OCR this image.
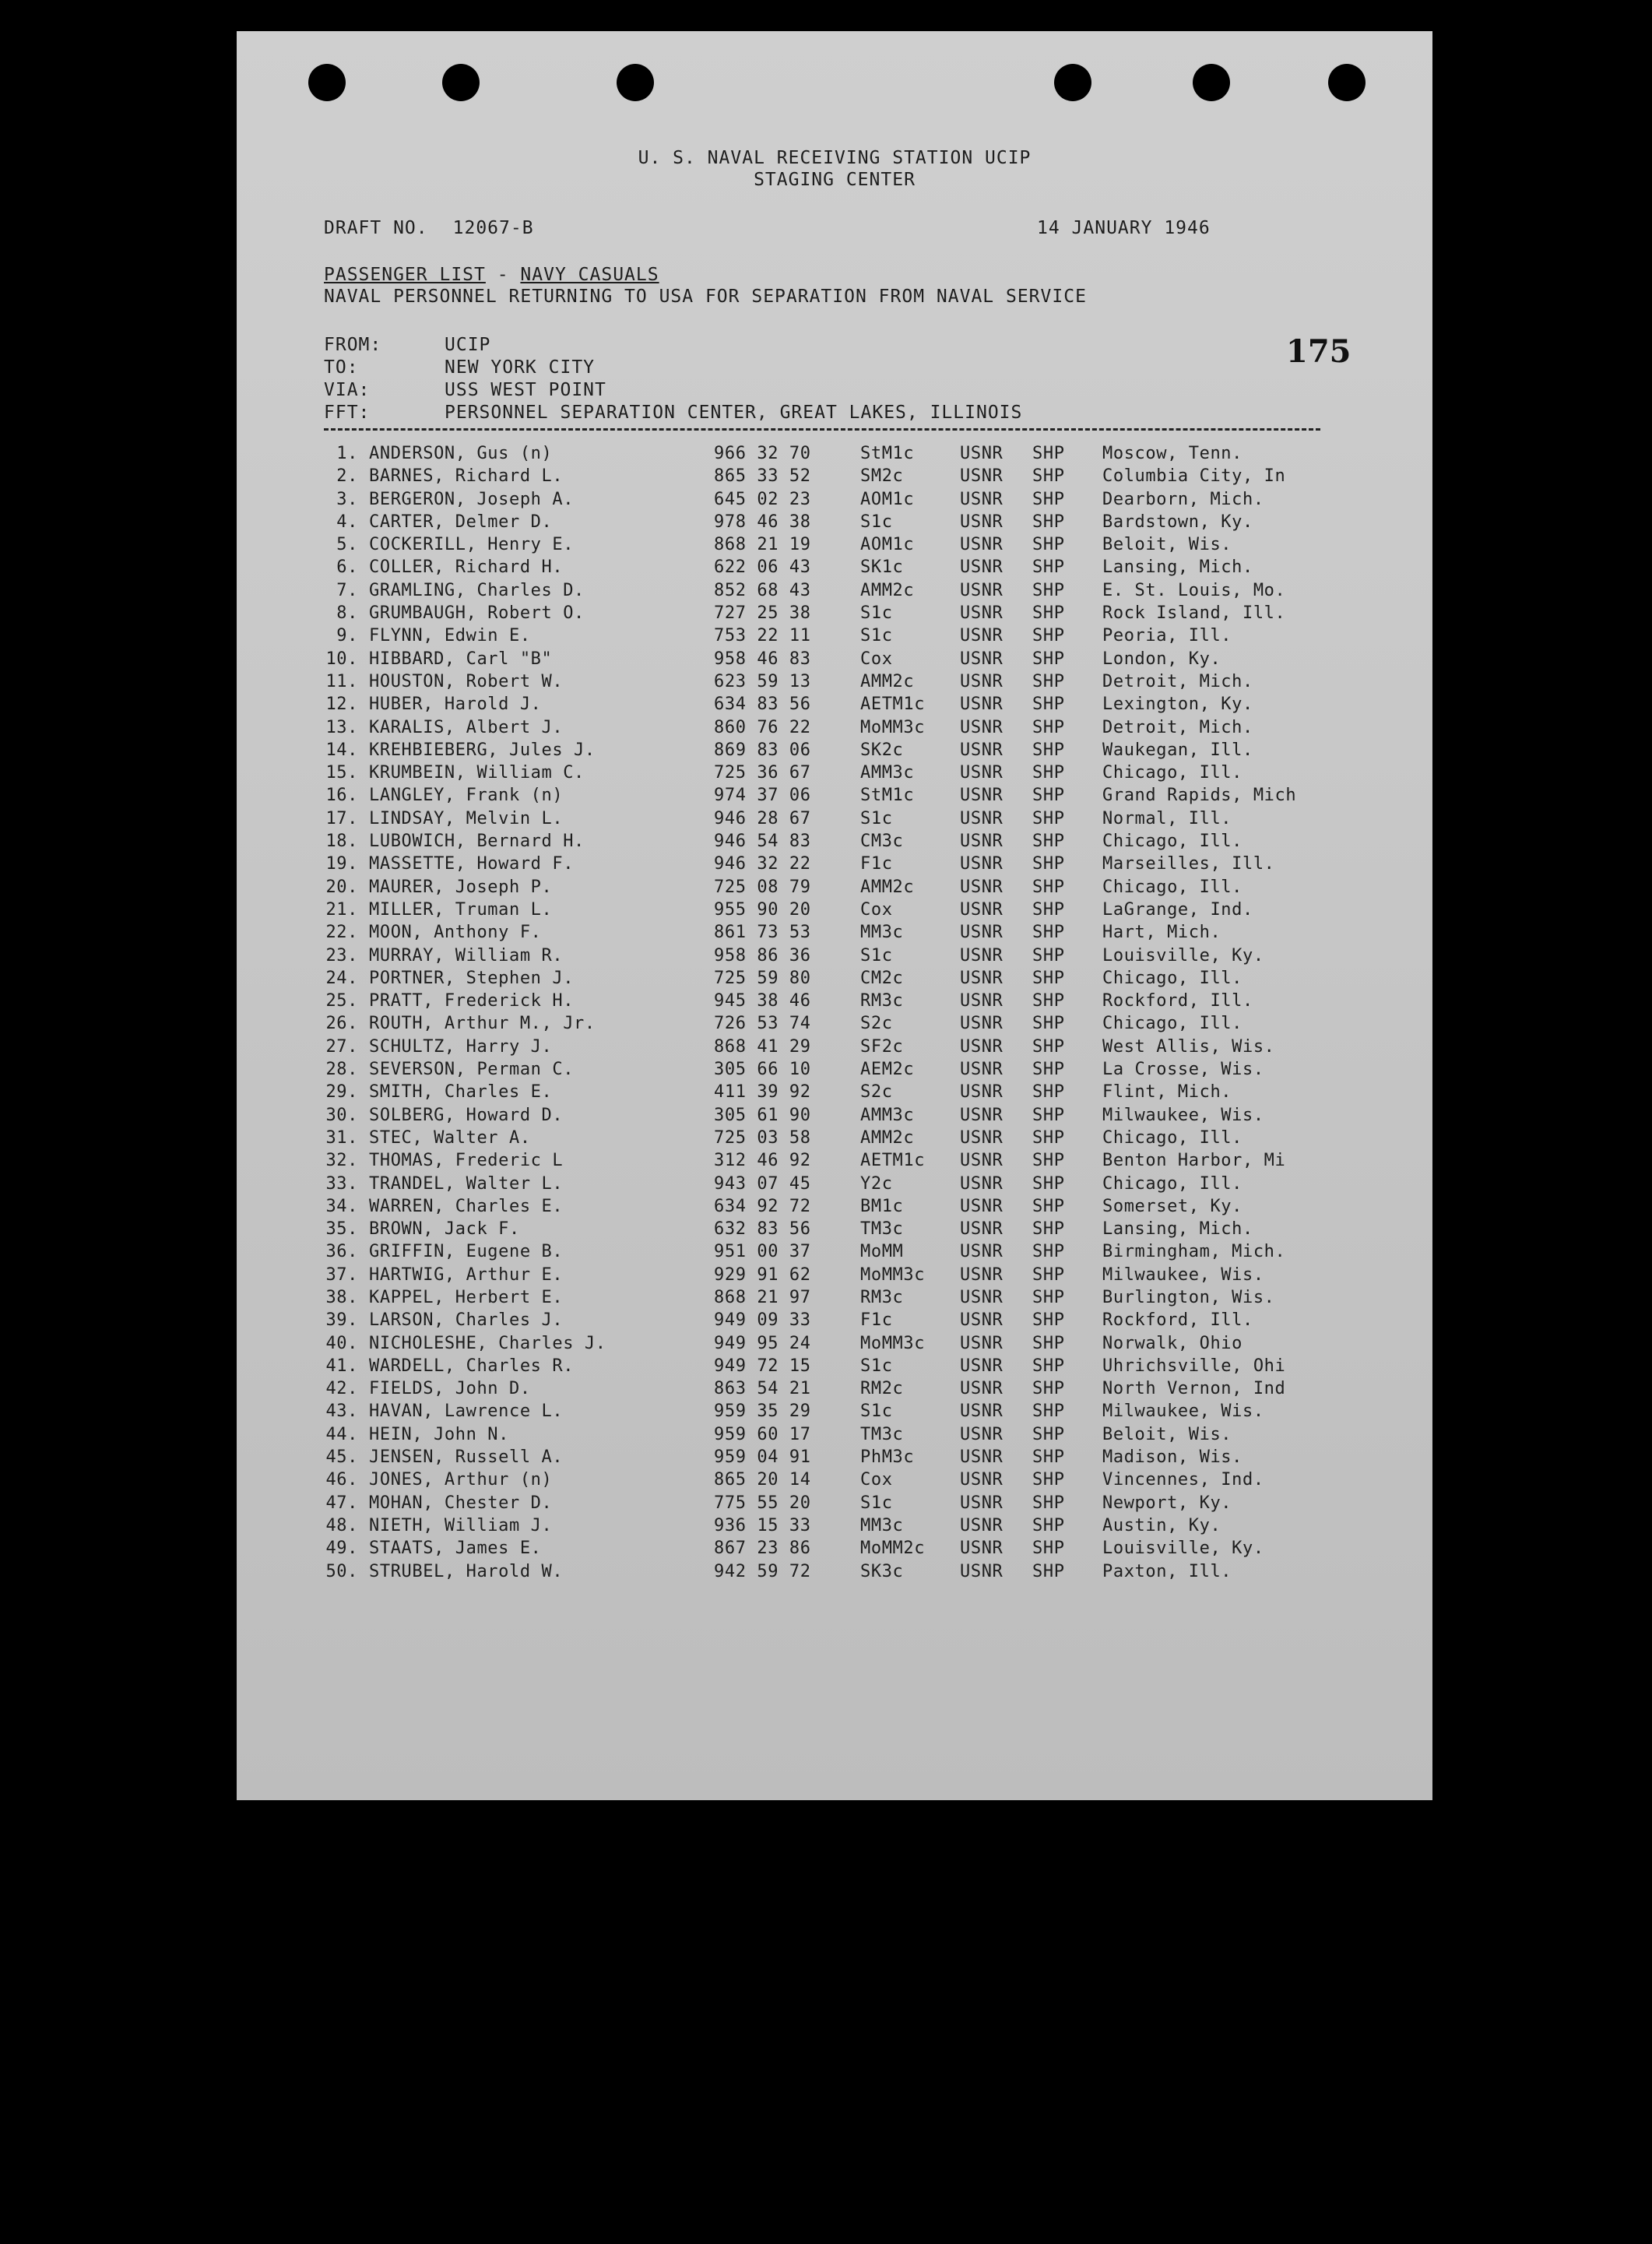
U. S. NAVAL RECEIVING STATION UCIP
STAGING CENTER
DRAFT NO. 12067-B	14 JANUARY 1946
PASSENGER LIST - NAVY CASUALS
NAVAL PERSONNEL RETURNING TO USA FOR SEPARATION FROM NAVAL SERVICE
175
FROM:	UCIP
TO:	NEW YORK CITY
VIA:	USS WEST POINT
FFT:	PERSONNEL SEPARATION CENTER, GREAT LAKES, ILLINOIS
1. ANDERSON, Gus (n)	966 32 70	StM1c	USNR SHP Moscow, Tenn.
2. BARNES, Richard L.	865 33 52	SM2c	USNR SHP Columbia City, In
3. BERGERON, Joseph A.	645 02 23	AOM1c	USNR SHP Dearborn, Mich.
4. CARTER, Delmer D.	978 46 38	S1c	USNR SHP Bardstown, Ky.
5. COCKERILL, Henry E.	868 21 19	AOM1c	USNR SHP Beloit, Wis.
6. COLLER, Richard H.	622 06 43	SK1c	USNR SHP Lansing, Mich.
7. GRAMLING, Charles D.	852 68 43	AMM2c	USNR SHP E. St. Louis, Mo.
8. GRUMBAUGH, Robert O.	727 25 38	S1c	USNR SHP Rock Island, Ill.
9. FLYNN, Edwin E.	753 22 11	S1c	USNR SHP Peoria, Ill.
10. HIBBARD, Carl "B"	958 46 83	Cox	USNR SHP London, Ky.
11. HOUSTON, Robert W.	623 59 13	AMM2c	USNR SHP Detroit, Mich.
12. HUBER, Harold J.	634 83 56	AETM1c USNR SHP Lexington, Ky.
13. KARALIS, Albert J.	860 76 22	MoMM3c USNR SHP Detroit, Mich.
14. KREHBIEBERG, Jules J.	869 83 06	SK2c	USNR SHP Waukegan, Ill.
15. KRUMBEIN, William C.	725 36 67	AMM3c	USNR SHP Chicago, Ill.
16. LANGLEY, Frank (n)	974 37 06	StM1c	USNR SHP Grand Rapids, Mich
17. LINDSAY, Melvin L.	946 28 67	S1c	USNR SHP Normal, Ill.
18. LUBOWICH, Bernard H.	946 54 83	CM3c	USNR SHP Chicago, Ill.
19. MASSETTE, Howard F.	946 32 22	F1c	USNR SHP Marseilles, Ill.
20. MAURER, Joseph P.	725 08 79	AMM2c	USNR SHP Chicago, Ill.
21. MILLER, Truman L.	955 90 20	Cox	USNR SHP LaGrange, Ind.
22. MOON, Anthony F.	861 73 53	MM3c	USNR SHP Hart, Mich.
23. MURRAY, William R.	958 86 36	S1c	USNR SHP Louisville, Ky.
24. PORTNER, Stephen J.	725 59 80	CM2c	USNR SHP Chicago, Ill.
25. PRATT, Frederick H.	945 38 46	RM3c	USNR SHP Rockford, Ill.
26. ROUTH, Arthur M., Jr.	726 53 74	S2c	USNR SHP Chicago, Ill.
27. SCHULTZ, Harry J.	868 41 29	SF2c	USNR SHP West Allis, Wis.
28. SEVERSON, Perman C.	305 66 10	AEM2c	USNR SHP La Crosse, Wis.
29. SMITH, Charles E.	411 39 92	S2c	USNR SHP Flint, Mich.
30. SOLBERG, Howard D.	305 61 90	AMM3c	USNR SHP Milwaukee, Wis.
31. STEC, Walter A.	725 03 58	AMM2c	USNR SHP Chicago, Ill.
32. THOMAS, Frederic L	312 46 92	AETM1c USNR SHP Benton Harbor, Mi
33. TRANDEL, Walter L.	943 07 45	Y2c	USNR SHP Chicago, Ill.
34. WARREN, Charles E.	634 92 72	BM1c	USNR SHP Somerset, Ky.
35. BROWN, Jack F.	632 83 56	TM3c	USNR SHP Lansing, Mich.
36. GRIFFIN, Eugene B.	951 00 37	MoMM	USNR SHP Birmingham, Mich.
37. HARTWIG, Arthur E.	929 91 62	MoMM3c USNR SHP Milwaukee, Wis.
38. KAPPEL, Herbert E.	868 21 97	RM3c	USNR SHP Burlington, Wis.
39. LARSON, Charles J.	949 09 33	F1c	USNR SHP Rockford, Ill.
40. NICHOLESHE, Charles J.	949 95 24	MoMM3c USNR SHP Norwalk, Ohio
41. WARDELL, Charles R.	949 72 15	S1c	USNR SHP Uhrichsville, Ohi
42. FIELDS, John D.	863 54 21	RM2c	USNR SHP North Vernon, Ind
43. HAVAN, Lawrence L.	959 35 29	S1c	USNR SHP Milwaukee, Wis.
44. HEIN, John N.	959 60 17	TM3c	USNR SHP Beloit, Wis.
45. JENSEN, Russell A.	959 04 91	PhM3c	USNR SHP Madison, Wis.
46. JONES, Arthur (n)	865 20 14	Cox	USNR SHP Vincennes, Ind.
47. MOHAN, Chester D.	775 55 20	S1c	USNR SHP Newport, Ky.
48. NIETH, William J.	936 15 33	MM3c	USNR SHP Austin, Ky.
49. STAATS, James E.	867 23 86	MoMM2c USNR SHP Louisville, Ky.
50. STRUBEL, Harold W.	942 59 72	SK3c	USNR SHP Paxton, Ill.
